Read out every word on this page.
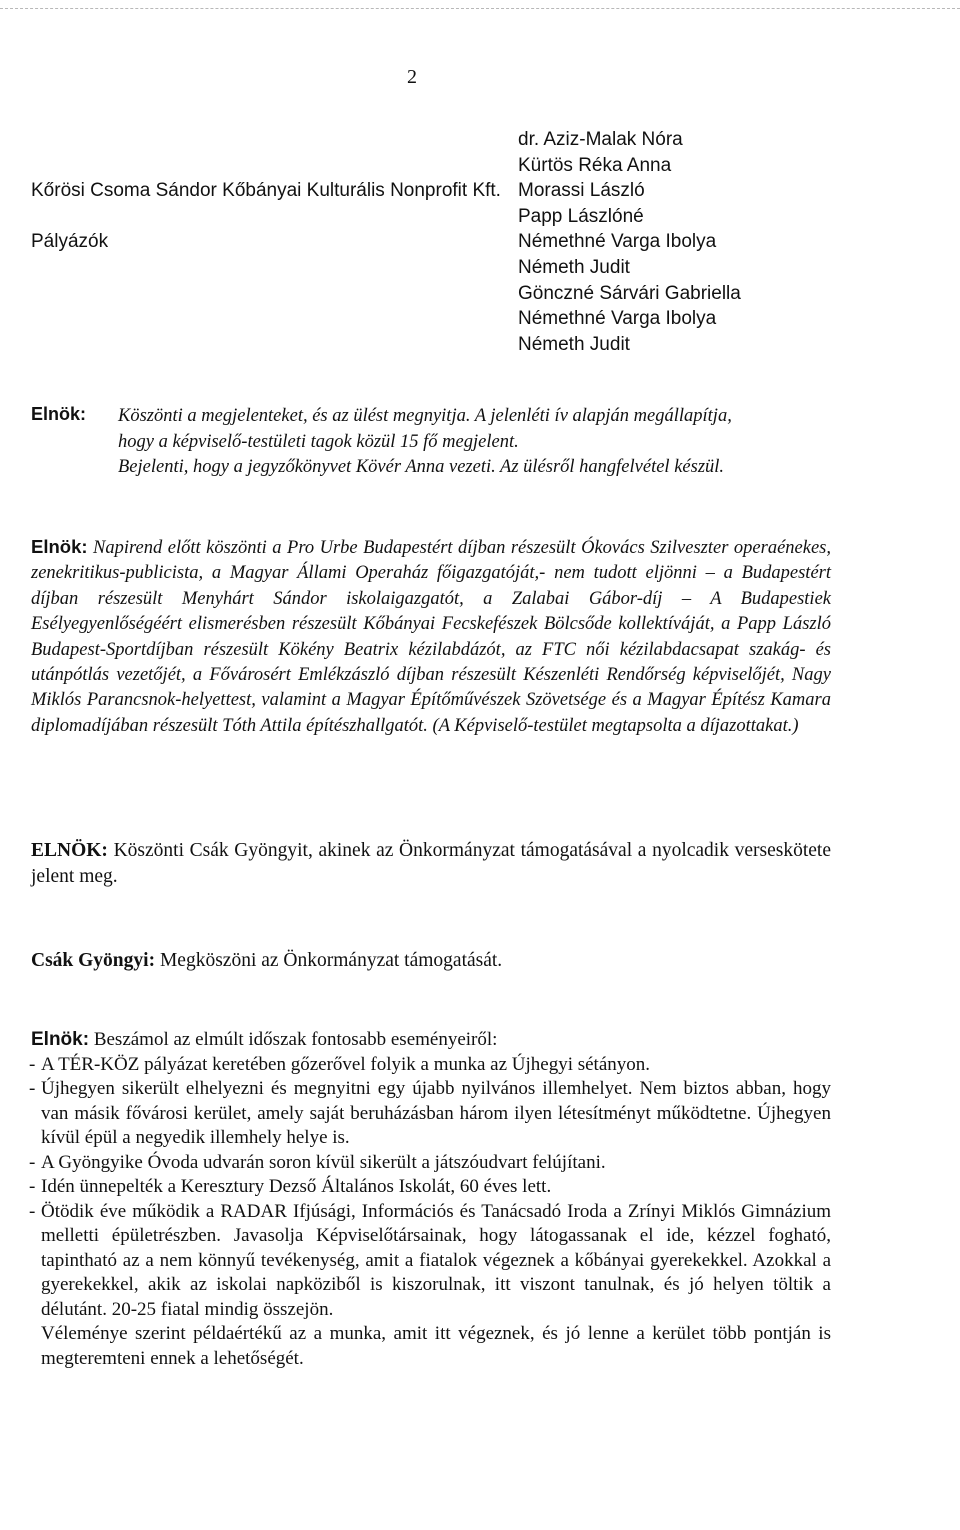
2
Kőrösi Csoma Sándor Kőbányai Kulturális Nonprofit Kft.
Pályázók
dr. Aziz-Malak Nóra
Kürtös Réka Anna
Morassi László
Papp Lászlóné
Némethné Varga Ibolya
Németh Judit
Gönczné Sárvári Gabriella
Némethné Varga Ibolya
Németh Judit
Elnök: Köszönti a megjelenteket, és az ülést megnyitja. A jelenléti ív alapján megállapítja,

hogy a képviselő-testületi tagok közül 15 fő megjelent.

Bejelenti, hogy a jegyzőkönyvet Kövér Anna vezeti. Az ülésről hangfelvétel készül.

Elnök: Napirend előtt köszönti a Pro Urbe Budapestért díjban részesült Ókovács Szilveszter operaénekes, zenekritikus-publicista, a Magyar Állami Operaház főigazgatóját,- nem tudott eljönni – a Budapestért díjban részesült Menyhárt Sándor iskolaigazgatót, a Zalabai Gábor-díj – A Budapestiek Esélyegyenlőségéért elismerésben részesült Kőbányai Fecskefészek Bölcsőde kollektíváját, a Papp László Budapest-Sportdíjban részesült Kökény Beatrix kézilabdázót, az FTC női kézilabdacsapat szakág- és utánpótlás vezetőjét, a Fővárosért Emlékzászló díjban részesült Készenléti Rendőrség képviselőjét, Nagy Miklós Parancsnok-helyettest, valamint a Magyar Építőművészek Szövetsége és a Magyar Építész Kamara diplomadíjában részesült Tóth Attila építészhallgatót. (A Képviselő-testület megtapsolta a díjazottakat.)

ELNÖK: Köszönti Csák Gyöngyit, akinek az Önkormányzat támogatásával a nyolcadik verseskötete jelent meg.

Csák Gyöngyi: Megköszöni az Önkormányzat támogatását.

Elnök: Beszámol az elmúlt időszak fontosabb eseményeiről:

- A TÉR-KÖZ pályázat keretében gőzerővel folyik a munka az Újhegyi sétányon.
- Újhegyen sikerült elhelyezni és megnyitni egy újabb nyilvános illemhelyet. Nem biztos abban, hogy van másik fővárosi kerület, amely saját beruházásban három ilyen létesítményt működtetne. Újhegyen kívül épül a negyedik illemhely helye is.
- A Gyöngyike Óvoda udvarán soron kívül sikerült a játszóudvart felújítani.
- Idén ünnepelték a Keresztury Dezső Általános Iskolát, 60 éves lett.
- Ötödik éve működik a RADAR Ifjúsági, Információs és Tanácsadó Iroda a Zrínyi Miklós Gimnázium melletti épületrészben. Javasolja Képviselőtársainak, hogy látogassanak el ide, kézzel fogható, tapintható az a nem könnyű tevékenység, amit a fiatalok végeznek a kőbányai gyerekekkel. Azokkal a gyerekekkel, akik az iskolai napköziből is kiszorulnak, itt viszont tanulnak, és jó helyen töltik a délutánt. 20-25 fiatal mindig összejön.

Véleménye szerint példaértékű az a munka, amit itt végeznek, és jó lenne a kerület több pontján is megteremteni ennek a lehetőségét.
